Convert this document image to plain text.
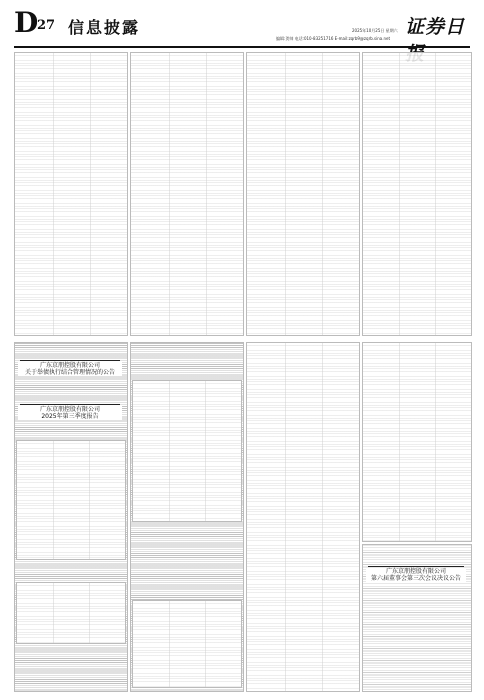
D 27 信息披露	2025年10月25日 星期六
编辑:贺帅 电话:010-83251716 E-mail:zqrb9@zqrb.sina.net
证券日
广东京朋控股有限公司
关于举债执行结合管理情况的公告
广东京朋控股有限公司
2025年第三季度报告
广东京朋控股有限公司
第六届董事会第三次会议决议公告
